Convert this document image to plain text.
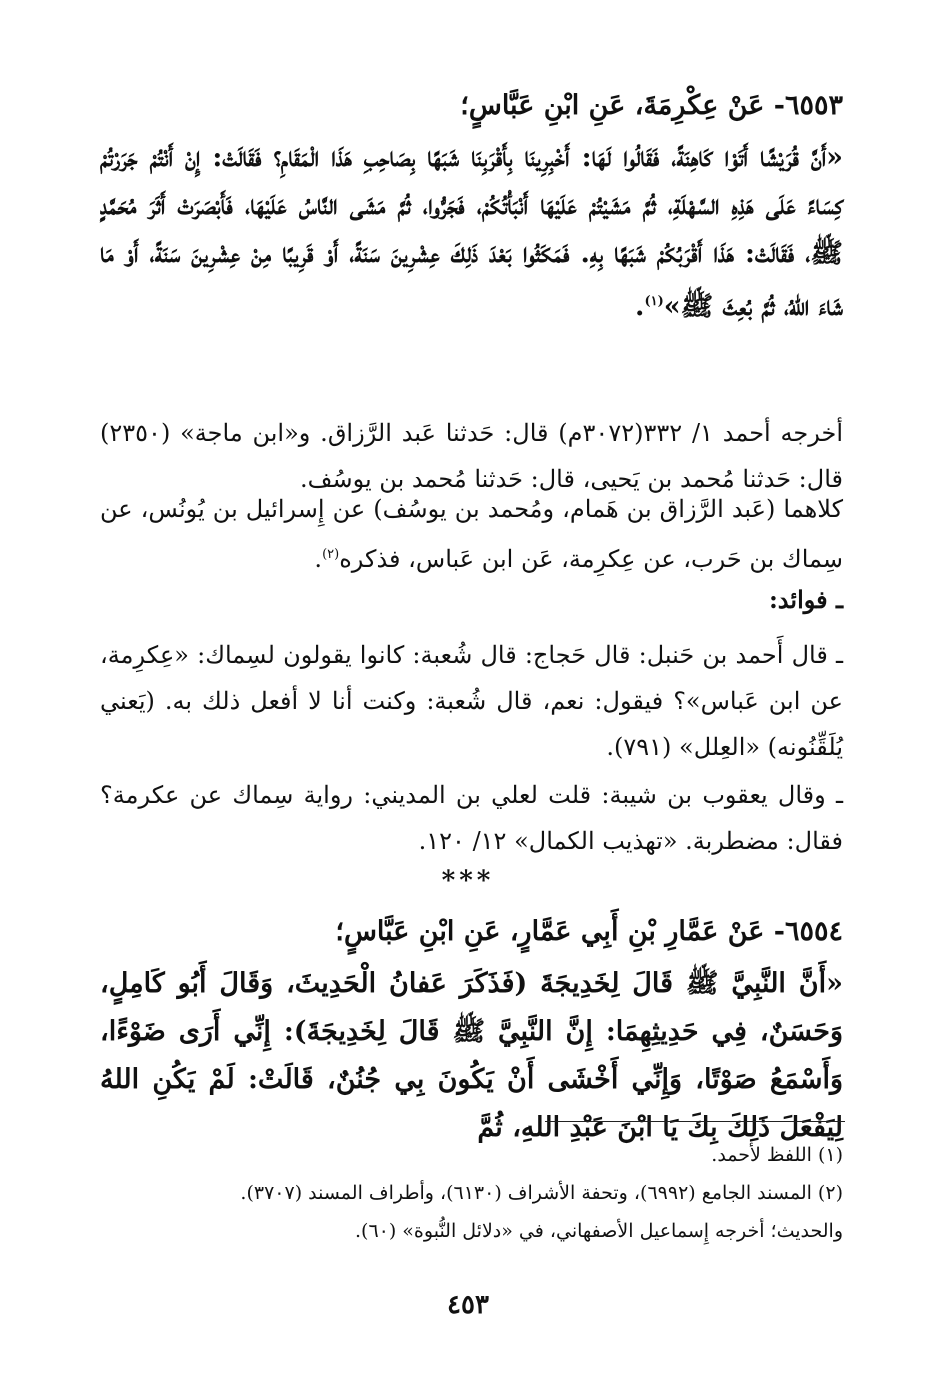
٦٥٥٣- عَنْ عِكْرِمَةَ، عَنِ ابْنِ عَبَّاسٍ؛

«أَنَّ قُرَيْشًا أَتَوْا كَاهِنَةً، فَقَالُوا لَهَا: أَخْبِرِينَا بِأَقْرَبِنَا شَبَهًا بِصَاحِبِ هَذَا الْمَقَامِ؟ فَقَالَتْ: إِنْ أَنْتُمْ جَرَرْتُمْ كِسَاءً عَلَى هَذِهِ السَّهْلَةِ، ثُمَّ مَشَيْتُمْ عَلَيْهَا أَنْبَأْتُكُمْ، فَجَرُّوا، ثُمَّ مَشَى النَّاسُ عَلَيْهَا، فَأَبْصَرَتْ أَثَرَ مُحَمَّدٍ ﷺ، فَقَالَتْ: هَذَا أَقْرَبُكُمْ شَبَهًا بِهِ. فَمَكَثُوا بَعْدَ ذَلِكَ عِشْرِينَ سَنَةً، أَوْ قَرِيبًا مِنْ عِشْرِينَ سَنَةً، أَوْ مَا شَاءَ اللهُ، ثُمَّ بُعِثَ ﷺ»$^{(١)}$.

أخرجه أحمد ١/ ٣٣٢(٣٠٧٢م) قال: حَدثنا عَبد الرَّزاق. و«ابن ماجة» (٢٣٥٠) قال: حَدثنا مُحمد بن يَحيى، قال: حَدثنا مُحمد بن يوسُف.

كلاهما (عَبد الرَّزاق بن هَمام، ومُحمد بن يوسُف) عن إِسرائيل بن يُونُس، عن سِماك بن حَرب، عن عِكرِمة، عَن ابن عَباس، فذكره$^{(٢)}$.

ـ فوائد:

ـ قال أَحمد بن حَنبل: قال حَجاج: قال شُعبة: كانوا يقولون لسِماك: «عِكرِمة، عن ابن عَباس»؟ فيقول: نعم، قال شُعبة: وكنت أنا لا أفعل ذلك به. (يَعني يُلَقِّنُونه) «العِلل» (٧٩١).

ـ وقال يعقوب بن شيبة: قلت لعلي بن المديني: رواية سِماك عن عكرمة؟ فقال: مضطربة. «تهذيب الكمال» ١٢/ ١٢٠.

***

٦٥٥٤- عَنْ عَمَّارِ بْنِ أَبِي عَمَّارٍ، عَنِ ابْنِ عَبَّاسٍ؛

«أَنَّ النَّبِيَّ ﷺ قَالَ لِخَدِيجَةَ (فَذَكَرَ عَفانُ الْحَدِيثَ، وَقَالَ أَبُو كَامِلٍ، وَحَسَنٌ، فِي حَدِيثِهِمَا: إِنَّ النَّبِيَّ ﷺ قَالَ لِخَدِيجَةَ): إِنِّي أَرَى ضَوْءًا، وَأَسْمَعُ صَوْتًا، وَإِنِّي أَخْشَى أَنْ يَكُونَ بِي جُنُنٌ، قَالَتْ: لَمْ يَكُنِ اللهُ لِيَفْعَلَ ذَلِكَ بِكَ يَا ابْنَ عَبْدِ اللهِ، ثُمَّ

(١) اللفظ لأحمد.

(٢) المسند الجامع (٦٩٩٢)، وتحفة الأشراف (٦١٣٠)، وأطراف المسند (٣٧٠٧).

والحديث؛ أخرجه إِسماعيل الأصفهاني، في «دلائل النُّبوة» (٦٠).

٤٥٣
